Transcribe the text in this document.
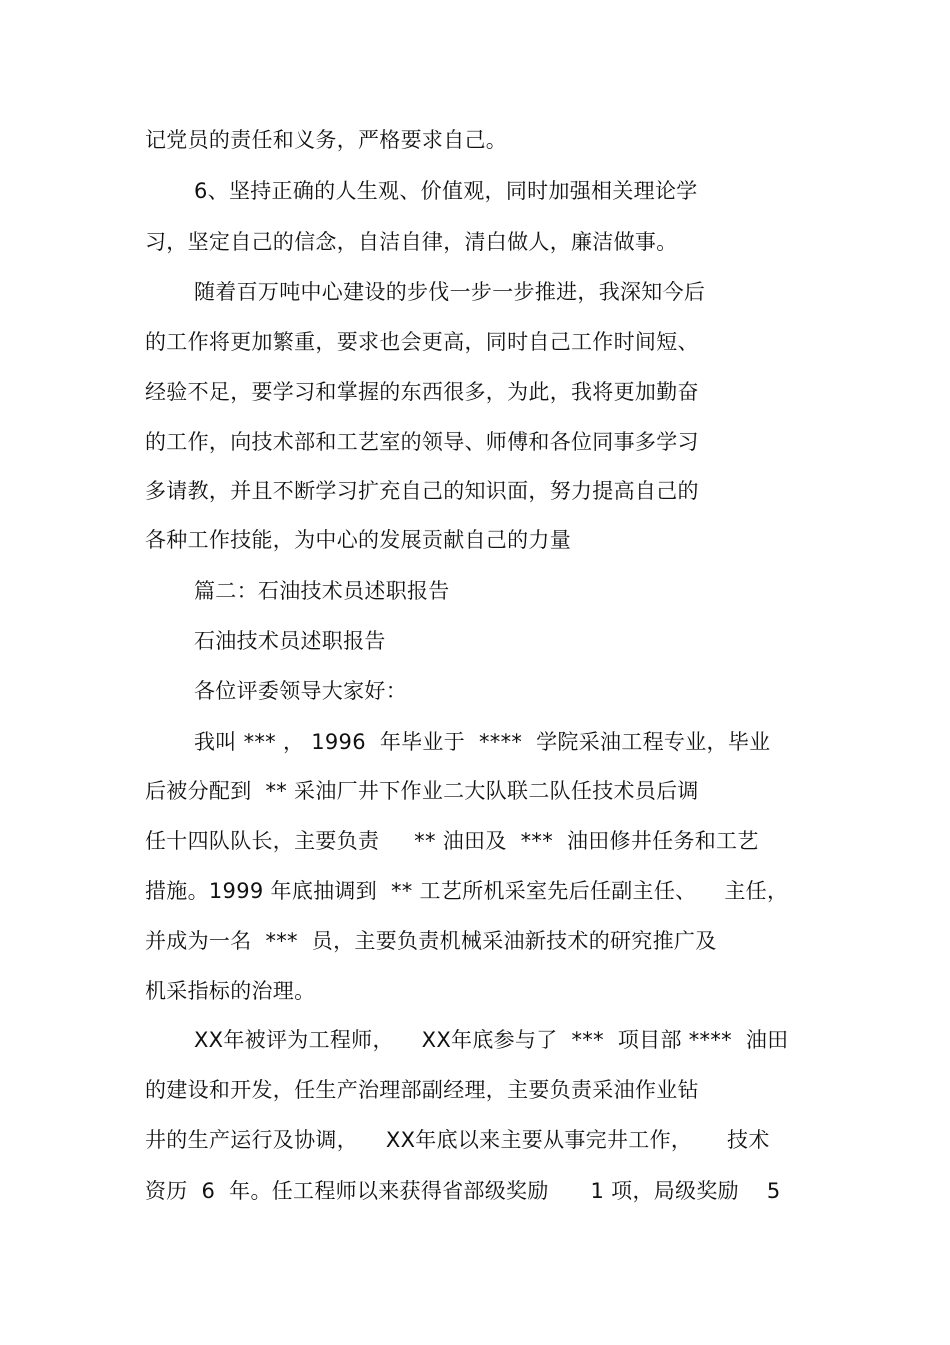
记党员的责任和义务，严格要求自己。
6、坚持正确的人生观、价值观，同时加强相关理论学
习，坚定自己的信念，自洁自律，清白做人，廉洁做事。
随着百万吨中心建设的步伐一步一步推进，我深知今后
的工作将更加繁重，要求也会更高，同时自己工作时间短、
经验不足，要学习和掌握的东西很多，为此，我将更加勤奋
的工作，向技术部和工艺室的领导、师傅和各位同事多学习
多请教，并且不断学习扩充自己的知识面，努力提高自己的
各种工作技能，为中心的发展贡献自己的力量
篇二：石油技术员述职报告
石油技术员述职报告
各位评委领导大家好：
我叫 *** ， 1996  年毕业于  ****  学院采油工程专业，毕业
后被分配到  ** 采油厂井下作业二大队联二队任技术员后调
任十四队队长，主要负责     ** 油田及  ***  油田修井任务和工艺
措施。1999 年底抽调到  ** 工艺所机采室先后任副主任、    主任，
并成为一名  ***  员，主要负责机械采油新技术的研究推广及
机采指标的治理。
XX年被评为工程师，    XX年底参与了  ***  项目部 ****  油田
的建设和开发，任生产治理部副经理，主要负责采油作业钻
井的生产运行及协调，    XX年底以来主要从事完井工作，     技术
资历  6  年。任工程师以来获得省部级奖励      1 项，局级奖励    5
